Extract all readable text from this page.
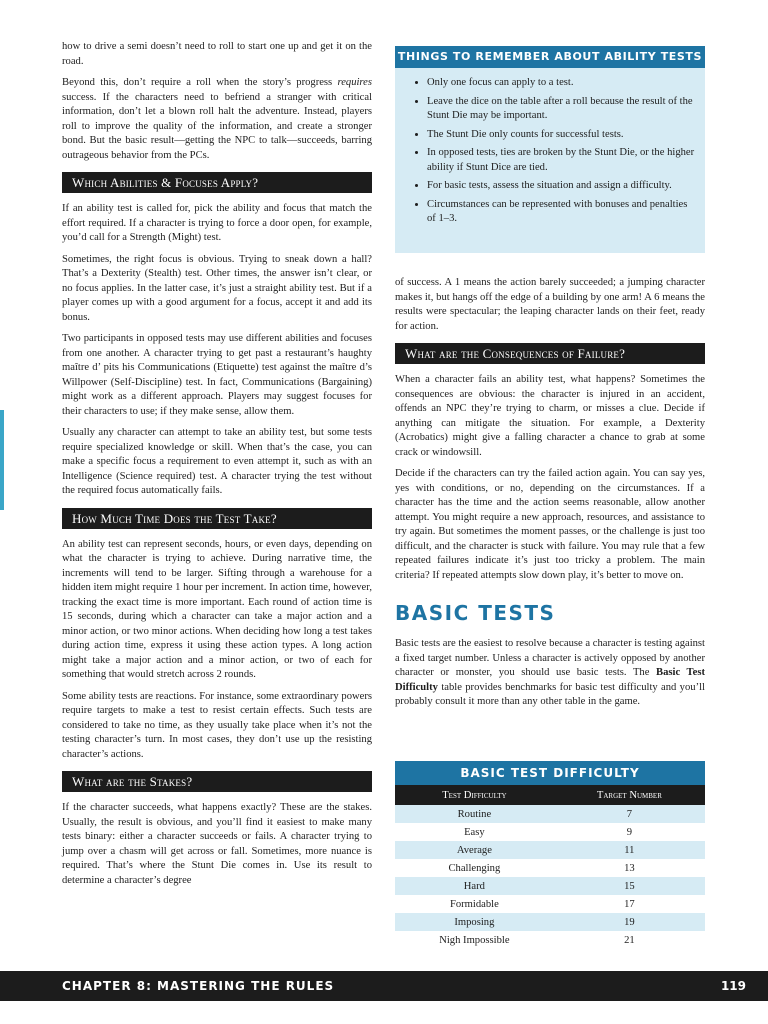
how to drive a semi doesn’t need to roll to start one up and get it on the road.

Beyond this, don’t require a roll when the story’s progress requires success. If the characters need to befriend a stranger with critical information, don’t let a blown roll halt the adventure. Instead, players roll to improve the quality of the information, and create a stronger bond. But the basic result—getting the NPC to talk—succeeds, barring outrageous behavior from the PCs.

Which Abilities & Focuses Apply?

If an ability test is called for, pick the ability and focus that match the effort required. If a character is trying to force a door open, for example, you’d call for a Strength (Might) test.

Sometimes, the right focus is obvious. Trying to sneak down a hall? That’s a Dexterity (Stealth) test. Other times, the answer isn’t clear, or no focus applies. In the latter case, it’s just a straight ability test. But if a player comes up with a good argument for a focus, accept it and add its bonus.

Two participants in opposed tests may use different abilities and focuses from one another. A character trying to get past a restaurant’s haughty maître d’ pits his Communications (Etiquette) test against the maître d’s Willpower (Self-Discipline) test. In fact, Communications (Bargaining) might work as a different approach. Players may suggest focuses for their characters to use; if they make sense, allow them.

Usually any character can attempt to take an ability test, but some tests require specialized knowledge or skill. When that’s the case, you can make a specific focus a requirement to even attempt it, such as with an Intelligence (Science required) test. A character trying the test without the required focus automatically fails.

How Much Time Does the Test Take?

An ability test can represent seconds, hours, or even days, depending on what the character is trying to achieve. During narrative time, the increments will tend to be larger. Sifting through a warehouse for a hidden item might require 1 hour per increment. In action time, however, tracking the exact time is more important. Each round of action time is 15 seconds, during which a character can take a major action and a minor action, or two minor actions. When deciding how long a test takes during action time, express it using these action types. A long action might take a major action and a minor action, or two of each for something that would stretch across 2 rounds.

Some ability tests are reactions. For instance, some extraordinary powers require targets to make a test to resist certain effects. Such tests are considered to take no time, as they usually take place when it’s not the testing character’s turn. In most cases, they don’t use up the resisting character’s actions.

What are the Stakes?

If the character succeeds, what happens exactly? These are the stakes. Usually, the result is obvious, and you’ll find it easiest to make many tests binary: either a character succeeds or fails. A character trying to jump over a chasm will get across or fall. Sometimes, more nuance is required. That’s where the Stunt Die comes in. Use its result to determine a character’s degree

THINGS TO REMEMBER ABOUT ABILITY TESTS
• Only one focus can apply to a test.
• Leave the dice on the table after a roll because the result of the Stunt Die may be important.
• The Stunt Die only counts for successful tests.
• In opposed tests, ties are broken by the Stunt Die, or the higher ability if Stunt Dice are tied.
• For basic tests, assess the situation and assign a difficulty.
• Circumstances can be represented with bonuses and penalties of 1–3.

of success. A 1 means the action barely succeeded; a jumping character makes it, but hangs off the edge of a building by one arm! A 6 means the results were spectacular; the leaping character lands on their feet, ready for action.

What are the Consequences of Failure?

When a character fails an ability test, what happens? Sometimes the consequences are obvious: the character is injured in an accident, offends an NPC they’re trying to charm, or misses a clue. Decide if anything can mitigate the situation. For example, a Dexterity (Acrobatics) might give a falling character a chance to grab at some crack or windowsill.

Decide if the characters can try the failed action again. You can say yes, yes with conditions, or no, depending on the circumstances. If a character has the time and the action seems reasonable, allow another attempt. You might require a new approach, resources, and assistance to try again. But sometimes the moment passes, or the challenge is just too difficult, and the character is stuck with failure. You may rule that a few repeated failures indicate it’s just too tricky a problem. The main criteria? If repeated attempts slow down play, it’s better to move on.

BASIC TESTS

Basic tests are the easiest to resolve because a character is testing against a fixed target number. Unless a character is actively opposed by another character or monster, you should use basic tests. The Basic Test Difficulty table provides benchmarks for basic test difficulty and you’ll probably consult it more than any other table in the game.

BASIC TEST DIFFICULTY
Test Difficulty	Target Number
Routine	7
Easy	9
Average	11
Challenging	13
Hard	15
Formidable	17
Imposing	19
Nigh Impossible	21
CHAPTER 8: MASTERING THE RULES	119
